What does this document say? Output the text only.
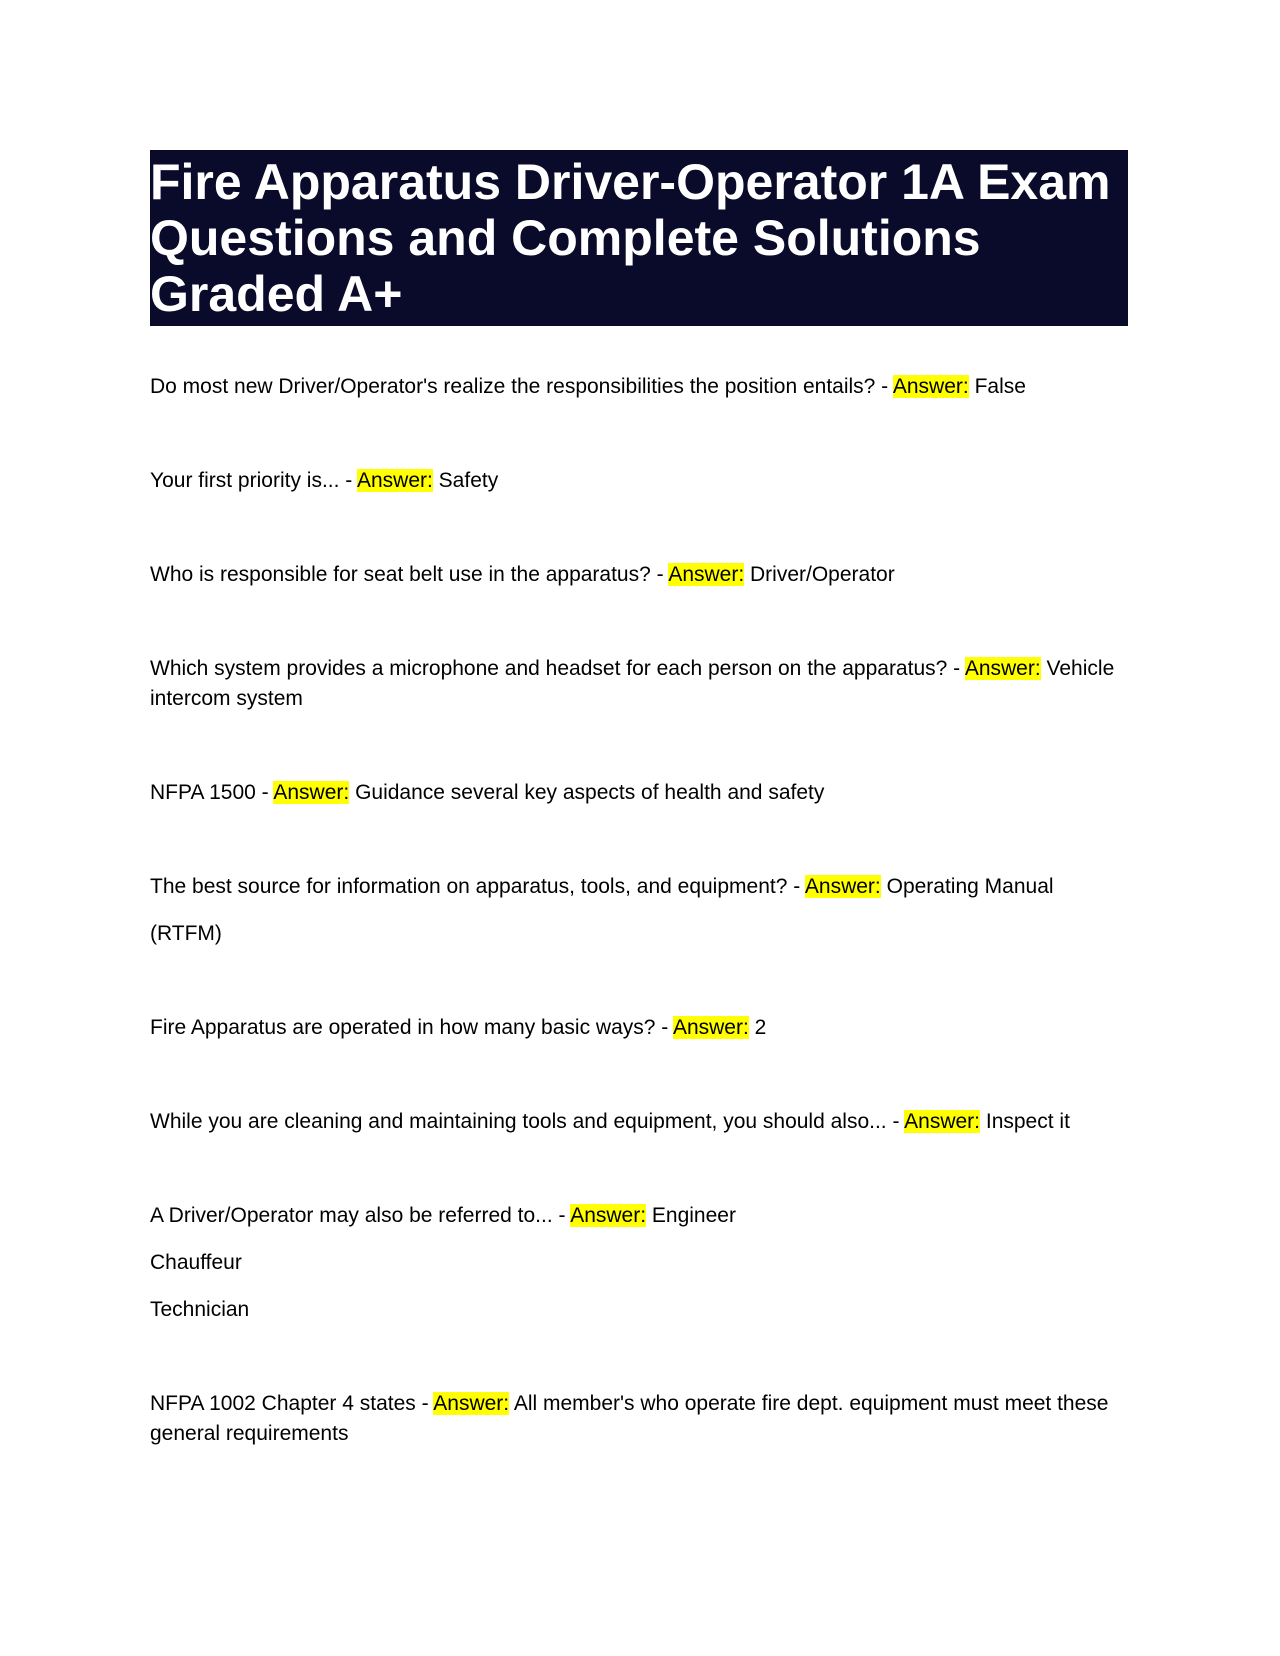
Fire Apparatus Driver-Operator 1A Exam Questions and Complete Solutions Graded A+

Do most new Driver/Operator's realize the responsibilities the position entails? - Answer: False

Your first priority is... - Answer: Safety

Who is responsible for seat belt use in the apparatus? - Answer: Driver/Operator

Which system provides a microphone and headset for each person on the apparatus? - Answer: Vehicle intercom system

NFPA 1500 - Answer: Guidance several key aspects of health and safety

The best source for information on apparatus, tools, and equipment? - Answer: Operating Manual
(RTFM)

Fire Apparatus are operated in how many basic ways? - Answer: 2

While you are cleaning and maintaining tools and equipment, you should also... - Answer: Inspect it

A Driver/Operator may also be referred to... - Answer: Engineer
Chauffeur
Technician

NFPA 1002 Chapter 4 states - Answer: All member's who operate fire dept. equipment must meet these general requirements
